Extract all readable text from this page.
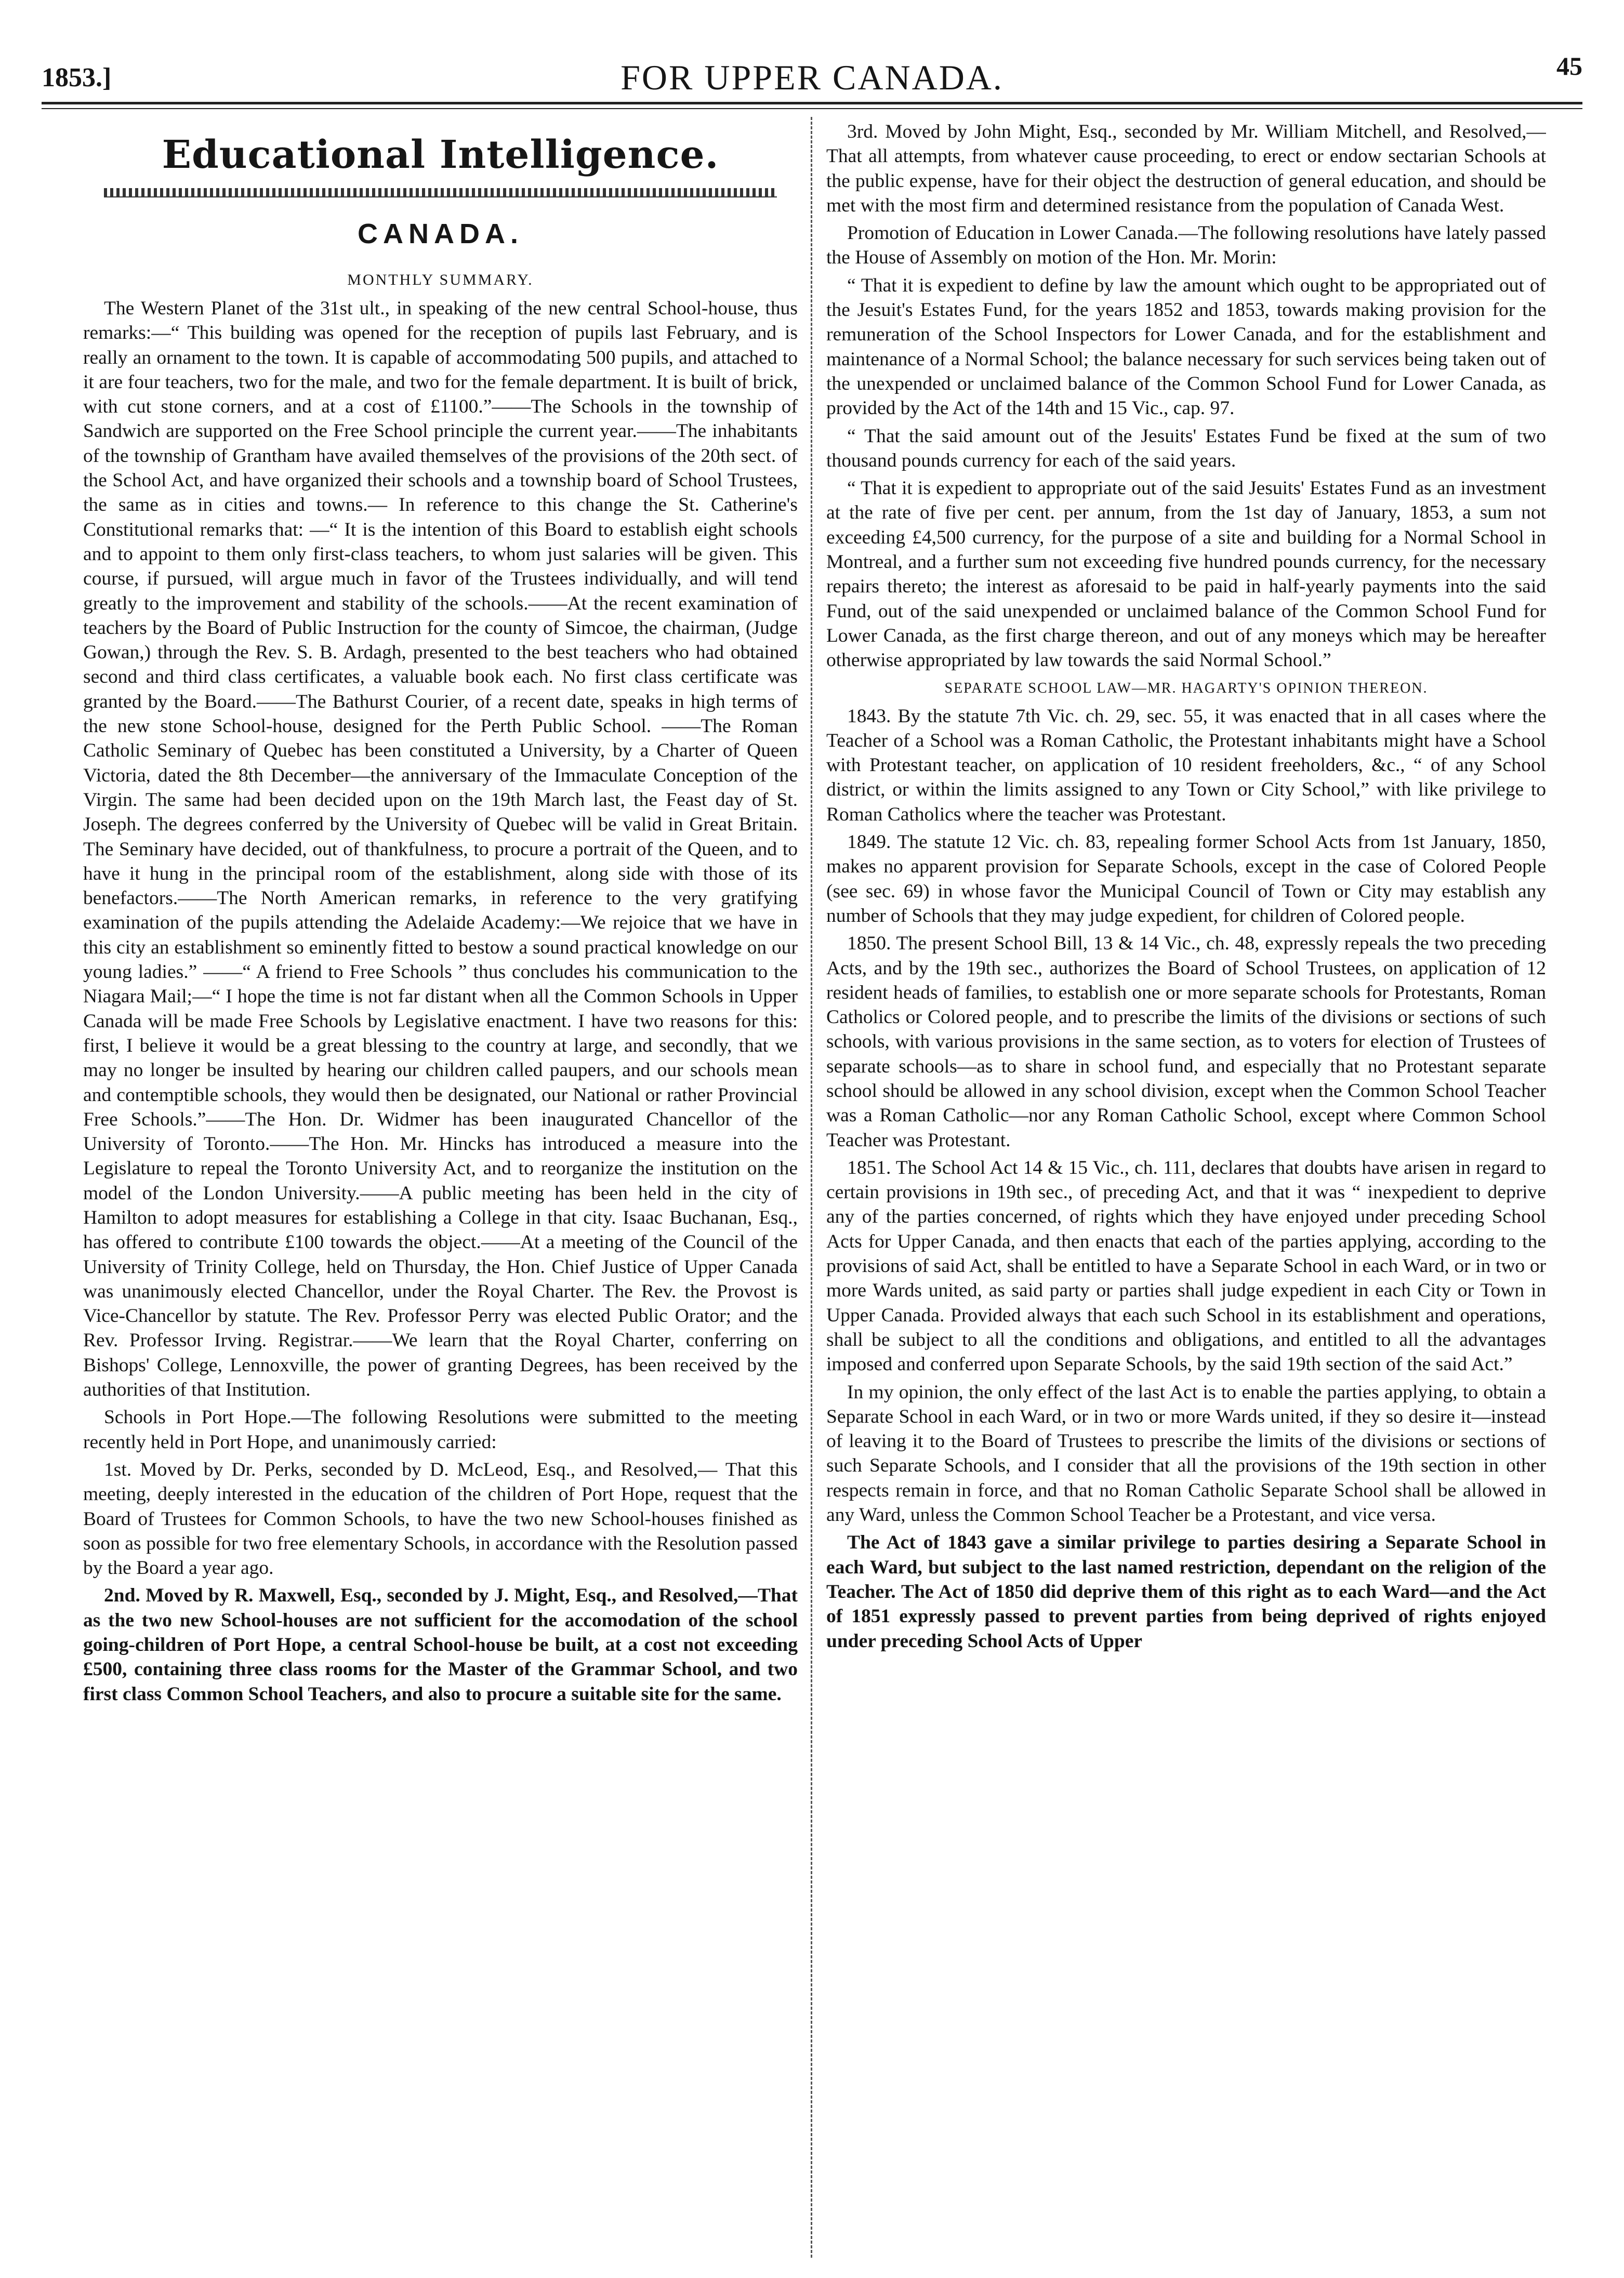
1853.]	FOR UPPER CANADA.	45
Educational Intelligence.
CANADA.
MONTHLY SUMMARY.

The Western Planet of the 31st ult., in speaking of the new central School-house, thus remarks:—“ This building was opened for the reception of pupils last February, and is really an ornament to the town. It is capable of accommodating 500 pupils, and attached to it are four teachers, two for the male, and two for the female department. It is built of brick, with cut stone corners, and at a cost of £1100.”——The Schools in the township of Sandwich are supported on the Free School principle the current year.——The inhabitants of the township of Grantham have availed themselves of the provisions of the 20th sect. of the School Act, and have organized their schools and a township board of School Trustees, the same as in cities and towns.— In reference to this change the St. Catherine's Constitutional remarks that: —“ It is the intention of this Board to establish eight schools and to appoint to them only first-class teachers, to whom just salaries will be given. This course, if pursued, will argue much in favor of the Trustees individually, and will tend greatly to the improvement and stability of the schools.——At the recent examination of teachers by the Board of Public Instruction for the county of Simcoe, the chairman, (Judge Gowan,) through the Rev. S. B. Ardagh, presented to the best teachers who had obtained second and third class certificates, a valuable book each. No first class certificate was granted by the Board.——The Bathurst Courier, of a recent date, speaks in high terms of the new stone School-house, designed for the Perth Public School. ——The Roman Catholic Seminary of Quebec has been constituted a University, by a Charter of Queen Victoria, dated the 8th December—the anniversary of the Immaculate Conception of the Virgin. The same had been decided upon on the 19th March last, the Feast day of St. Joseph. The degrees conferred by the University of Quebec will be valid in Great Britain. The Seminary have decided, out of thankfulness, to procure a portrait of the Queen, and to have it hung in the principal room of the establishment, along side with those of its benefactors.——The North American remarks, in reference to the very gratifying examination of the pupils attending the Adelaide Academy:—We rejoice that we have in this city an establishment so eminently fitted to bestow a sound practical knowledge on our young ladies.” ——“ A friend to Free Schools ” thus concludes his communication to the Niagara Mail;—“ I hope the time is not far distant when all the Common Schools in Upper Canada will be made Free Schools by Legislative enactment. I have two reasons for this: first, I believe it would be a great blessing to the country at large, and secondly, that we may no longer be insulted by hearing our children called paupers, and our schools mean and contemptible schools, they would then be designated, our National or rather Provincial Free Schools.”——The Hon. Dr. Widmer has been inaugurated Chancellor of the University of Toronto.——The Hon. Mr. Hincks has introduced a measure into the Legislature to repeal the Toronto University Act, and to reorganize the institution on the model of the London University.——A public meeting has been held in the city of Hamilton to adopt measures for establishing a College in that city. Isaac Buchanan, Esq., has offered to contribute £100 towards the object.——At a meeting of the Council of the University of Trinity College, held on Thursday, the Hon. Chief Justice of Upper Canada was unanimously elected Chancellor, under the Royal Charter. The Rev. the Provost is Vice-Chancellor by statute. The Rev. Professor Perry was elected Public Orator; and the Rev. Professor Irving. Registrar.——We learn that the Royal Charter, conferring on Bishops' College, Lennoxville, the power of granting Degrees, has been received by the authorities of that Institution.

Schools in Port Hope.—The following Resolutions were submitted to the meeting recently held in Port Hope, and unanimously carried:

1st. Moved by Dr. Perks, seconded by D. McLeod, Esq., and Resolved,— That this meeting, deeply interested in the education of the children of Port Hope, request that the Board of Trustees for Common Schools, to have the two new School-houses finished as soon as possible for two free elementary Schools, in accordance with the Resolution passed by the Board a year ago.

2nd. Moved by R. Maxwell, Esq., seconded by J. Might, Esq., and Resolved,—That as the two new School-houses are not sufficient for the accomodation of the school going-children of Port Hope, a central School-house be built, at a cost not exceeding £500, containing three class rooms for the Master of the Grammar School, and two first class Common School Teachers, and also to procure a suitable site for the same.

3rd. Moved by John Might, Esq., seconded by Mr. William Mitchell, and Resolved,—That all attempts, from whatever cause proceeding, to erect or endow sectarian Schools at the public expense, have for their object the destruction of general education, and should be met with the most firm and determined resistance from the population of Canada West.

Promotion of Education in Lower Canada.—The following resolutions have lately passed the House of Assembly on motion of the Hon. Mr. Morin:

“ That it is expedient to define by law the amount which ought to be appropriated out of the Jesuit's Estates Fund, for the years 1852 and 1853, towards making provision for the remuneration of the School Inspectors for Lower Canada, and for the establishment and maintenance of a Normal School; the balance necessary for such services being taken out of the unexpended or unclaimed balance of the Common School Fund for Lower Canada, as provided by the Act of the 14th and 15 Vic., cap. 97.

“ That the said amount out of the Jesuits' Estates Fund be fixed at the sum of two thousand pounds currency for each of the said years.

“ That it is expedient to appropriate out of the said Jesuits' Estates Fund as an investment at the rate of five per cent. per annum, from the 1st day of January, 1853, a sum not exceeding £4,500 currency, for the purpose of a site and building for a Normal School in Montreal, and a further sum not exceeding five hundred pounds currency, for the necessary repairs thereto; the interest as aforesaid to be paid in half-yearly payments into the said Fund, out of the said unexpended or unclaimed balance of the Common School Fund for Lower Canada, as the first charge thereon, and out of any moneys which may be hereafter otherwise appropriated by law towards the said Normal School.”

SEPARATE SCHOOL LAW—MR. HAGARTY'S OPINION THEREON.

1843. By the statute 7th Vic. ch. 29, sec. 55, it was enacted that in all cases where the Teacher of a School was a Roman Catholic, the Protestant inhabitants might have a School with Protestant teacher, on application of 10 resident freeholders, &c., “ of any School district, or within the limits assigned to any Town or City School,” with like privilege to Roman Catholics where the teacher was Protestant.

1849. The statute 12 Vic. ch. 83, repealing former School Acts from 1st January, 1850, makes no apparent provision for Separate Schools, except in the case of Colored People (see sec. 69) in whose favor the Municipal Council of Town or City may establish any number of Schools that they may judge expedient, for children of Colored people.

1850. The present School Bill, 13 & 14 Vic., ch. 48, expressly repeals the two preceding Acts, and by the 19th sec., authorizes the Board of School Trustees, on application of 12 resident heads of families, to establish one or more separate schools for Protestants, Roman Catholics or Colored people, and to prescribe the limits of the divisions or sections of such schools, with various provisions in the same section, as to voters for election of Trustees of separate schools—as to share in school fund, and especially that no Protestant separate school should be allowed in any school division, except when the Common School Teacher was a Roman Catholic—nor any Roman Catholic School, except where Common School Teacher was Protestant.

1851. The School Act 14 & 15 Vic., ch. 111, declares that doubts have arisen in regard to certain provisions in 19th sec., of preceding Act, and that it was “ inexpedient to deprive any of the parties concerned, of rights which they have enjoyed under preceding School Acts for Upper Canada, and then enacts that each of the parties applying, according to the provisions of said Act, shall be entitled to have a Separate School in each Ward, or in two or more Wards united, as said party or parties shall judge expedient in each City or Town in Upper Canada. Provided always that each such School in its establishment and operations, shall be subject to all the conditions and obligations, and entitled to all the advantages imposed and conferred upon Separate Schools, by the said 19th section of the said Act.”

In my opinion, the only effect of the last Act is to enable the parties applying, to obtain a Separate School in each Ward, or in two or more Wards united, if they so desire it—instead of leaving it to the Board of Trustees to prescribe the limits of the divisions or sections of such Separate Schools, and I consider that all the provisions of the 19th section in other respects remain in force, and that no Roman Catholic Separate School shall be allowed in any Ward, unless the Common School Teacher be a Protestant, and vice versa.

The Act of 1843 gave a similar privilege to parties desiring a Separate School in each Ward, but subject to the last named restriction, dependant on the religion of the Teacher. The Act of 1850 did deprive them of this right as to each Ward—and the Act of 1851 expressly passed to prevent parties from being deprived of rights enjoyed under preceding School Acts of Upper
